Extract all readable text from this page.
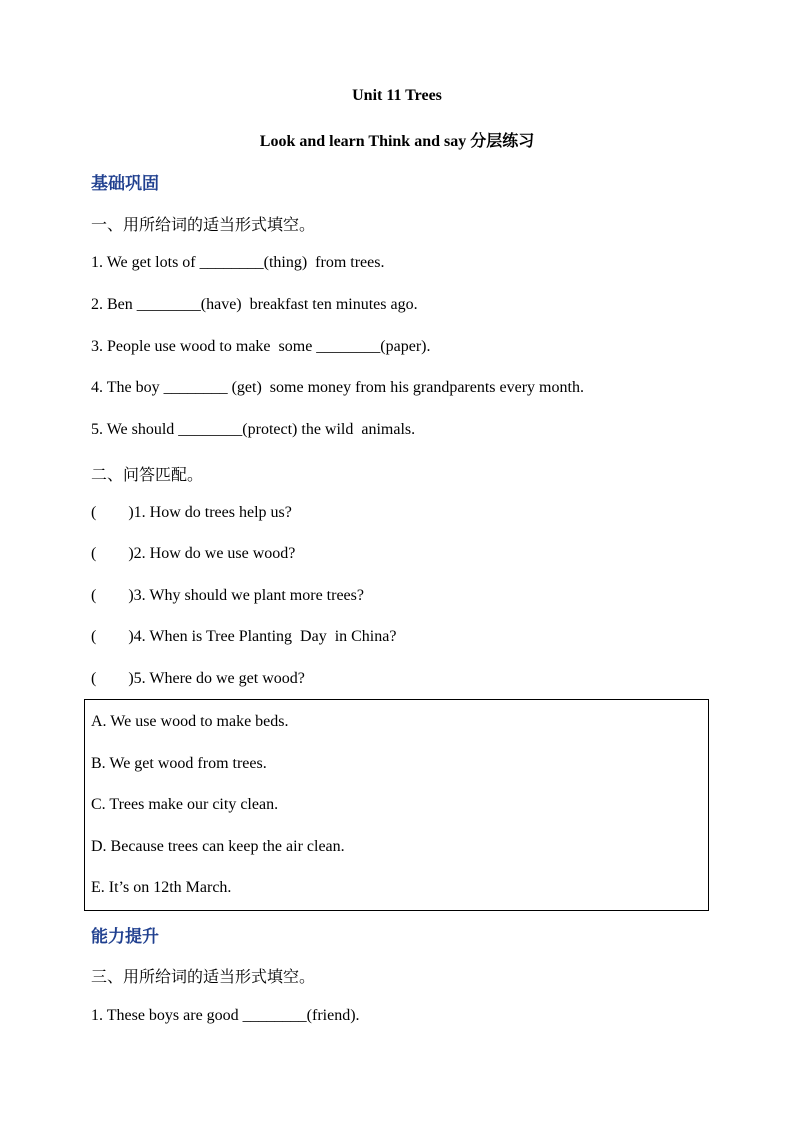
Unit 11 Trees
Look and learn Think and say 分层练习
基础巩固
一、用所给词的适当形式填空。
1. We get lots of ________(thing)  from trees.
2. Ben ________(have)  breakfast ten minutes ago.
3. People use wood to make  some ________(paper).
4. The boy ________ (get)  some money from his grandparents every month.
5. We should ________(protect) the wild  animals.
二、问答匹配。
(        )1. How do trees help us?
(        )2. How do we use wood?
(        )3. Why should we plant more trees?
(        )4. When is Tree Planting  Day  in China?
(        )5. Where do we get wood?
A. We use wood to make beds.
B. We get wood from trees.
C. Trees make our city clean.
D. Because trees can keep the air clean.
E. It’s on 12th March.
能力提升
三、用所给词的适当形式填空。
1. These boys are good ________(friend).
